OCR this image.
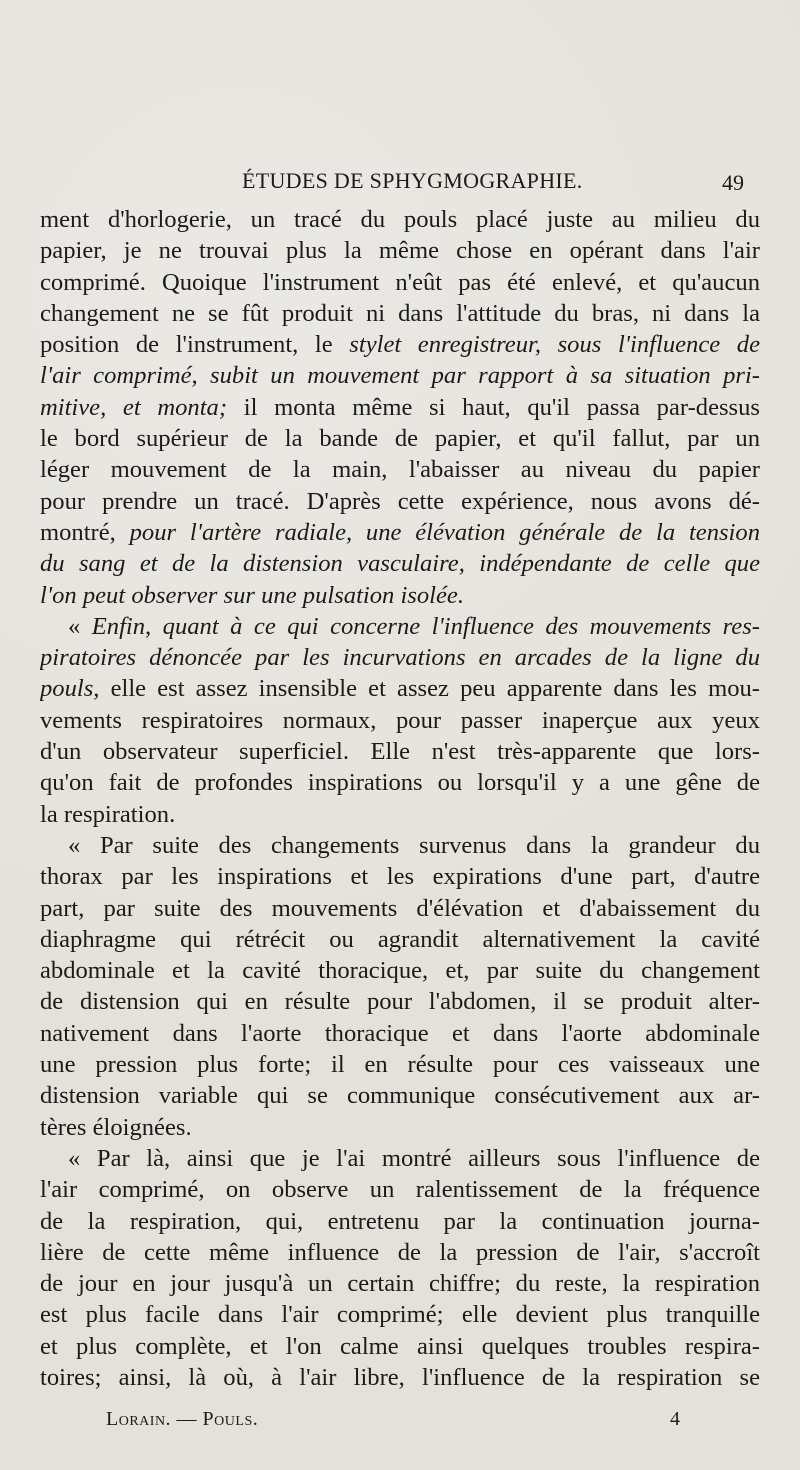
ÉTUDES DE SPHYGMOGRAPHIE.	49
ment d'horlogerie, un tracé du pouls placé juste au milieu du
papier, je ne trouvai plus la même chose en opérant dans l'air
comprimé. Quoique l'instrument n'eût pas été enlevé, et qu'aucun
changement ne se fût produit ni dans l'attitude du bras, ni dans la
position de l'instrument, le stylet enregistreur, sous l'influence de
l'air comprimé, subit un mouvement par rapport à sa situation pri-
mitive, et monta; il monta même si haut, qu'il passa par-dessus
le bord supérieur de la bande de papier, et qu'il fallut, par un
léger mouvement de la main, l'abaisser au niveau du papier
pour prendre un tracé. D'après cette expérience, nous avons dé-
montré, pour l'artère radiale, une élévation générale de la tension
du sang et de la distension vasculaire, indépendante de celle que
l'on peut observer sur une pulsation isolée.
« Enfin, quant à ce qui concerne l'influence des mouvements res-
piratoires dénoncée par les incurvations en arcades de la ligne du
pouls, elle est assez insensible et assez peu apparente dans les mou-
vements respiratoires normaux, pour passer inaperçue aux yeux
d'un observateur superficiel. Elle n'est très-apparente que lors-
qu'on fait de profondes inspirations ou lorsqu'il y a une gêne de
la respiration.
« Par suite des changements survenus dans la grandeur du
thorax par les inspirations et les expirations d'une part, d'autre
part, par suite des mouvements d'élévation et d'abaissement du
diaphragme qui rétrécit ou agrandit alternativement la cavité
abdominale et la cavité thoracique, et, par suite du changement
de distension qui en résulte pour l'abdomen, il se produit alter-
nativement dans l'aorte thoracique et dans l'aorte abdominale
une pression plus forte; il en résulte pour ces vaisseaux une
distension variable qui se communique consécutivement aux ar-
tères éloignées.
« Par là, ainsi que je l'ai montré ailleurs sous l'influence de
l'air comprimé, on observe un ralentissement de la fréquence
de la respiration, qui, entretenu par la continuation journa-
lière de cette même influence de la pression de l'air, s'accroît
de jour en jour jusqu'à un certain chiffre; du reste, la respiration
est plus facile dans l'air comprimé; elle devient plus tranquille
et plus complète, et l'on calme ainsi quelques troubles respira-
toires; ainsi, là où, à l'air libre, l'influence de la respiration se
Lorain. — Pouls.	4
